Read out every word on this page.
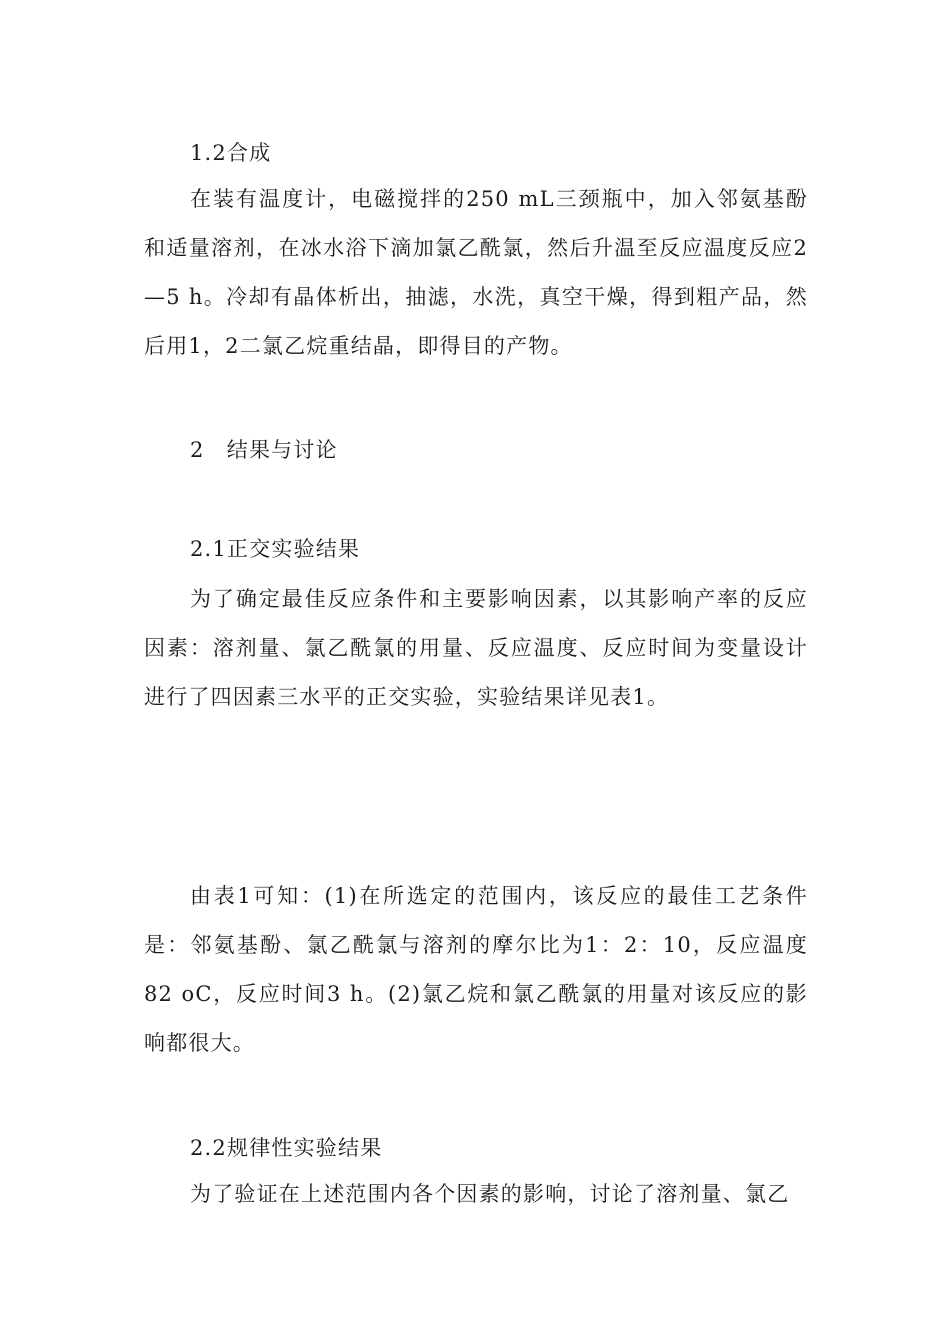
1.2合成
在装有温度计，电磁搅拌的250 mL三颈瓶中，加入邻氨基酚和适量溶剂，在冰水浴下滴加氯乙酰氯，然后升温至反应温度反应2—5 h。冷却有晶体析出，抽滤，水洗，真空干燥，得到粗产品，然后用1，2二氯乙烷重结晶，即得目的产物。
2　结果与讨论
2.1正交实验结果
为了确定最佳反应条件和主要影响因素，以其影响产率的反应因素：溶剂量、氯乙酰氯的用量、反应温度、反应时间为变量设计进行了四因素三水平的正交实验，实验结果详见表1。
由表1可知：(1)在所选定的范围内，该反应的最佳工艺条件是：邻氨基酚、氯乙酰氯与溶剂的摩尔比为1：2：10，反应温度82 oC，反应时间3 h。(2)氯乙烷和氯乙酰氯的用量对该反应的影响都很大。
2.2规律性实验结果
为了验证在上述范围内各个因素的影响，讨论了溶剂量、氯乙
